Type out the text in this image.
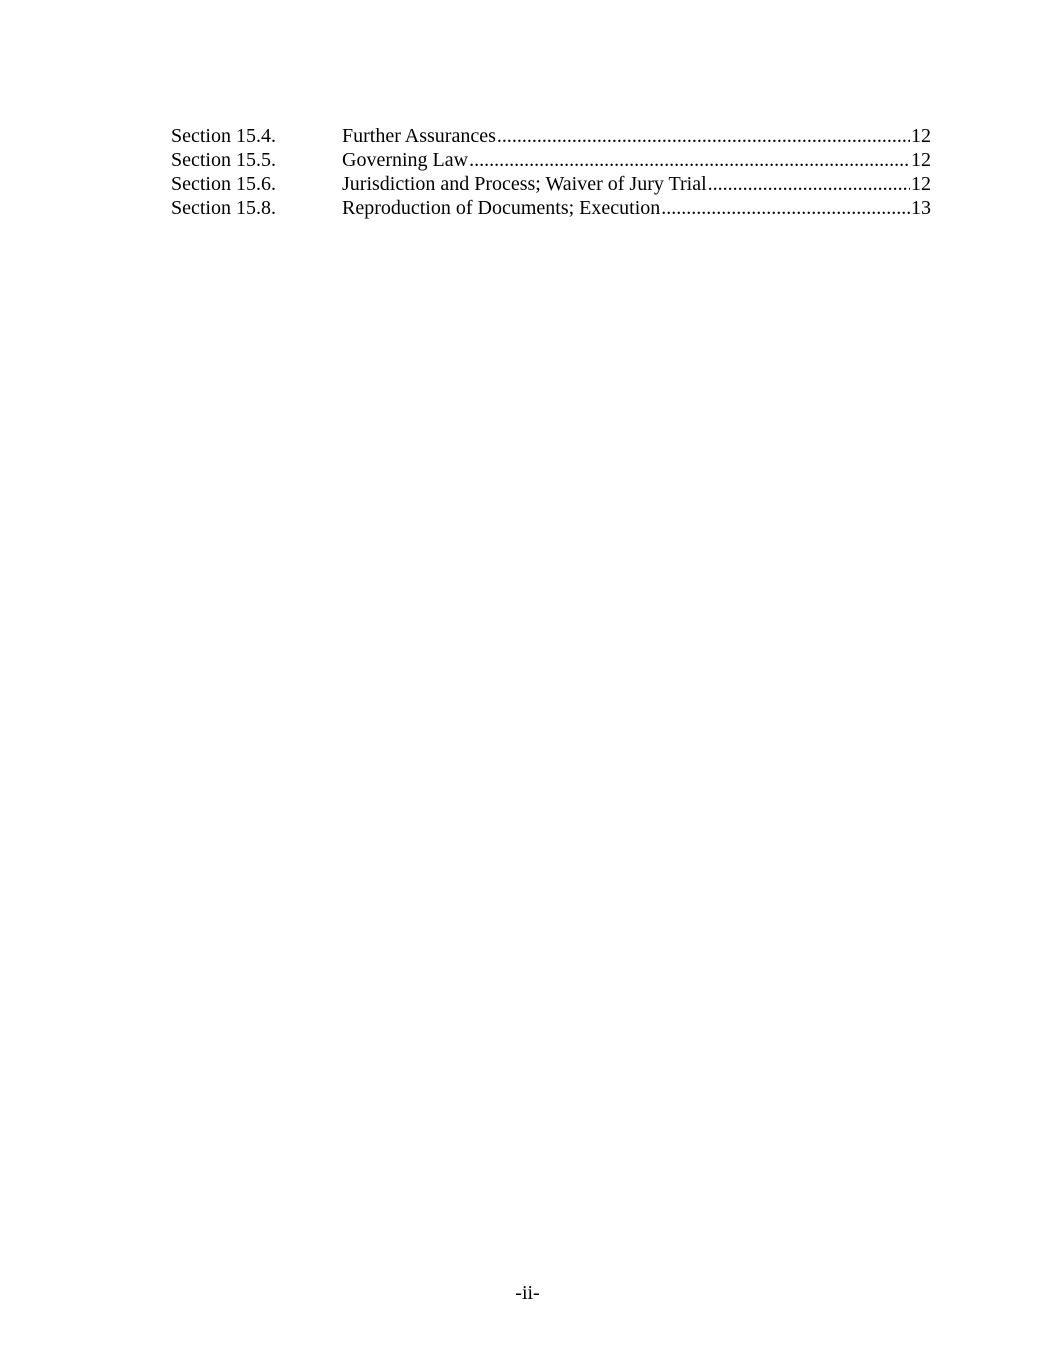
Section 15.4.	Further Assurances .....	12
Section 15.5.	Governing Law .....	12
Section 15.6.	Jurisdiction and Process; Waiver of Jury Trial .....	12
Section 15.8.	Reproduction of Documents; Execution .....	13
-ii-
